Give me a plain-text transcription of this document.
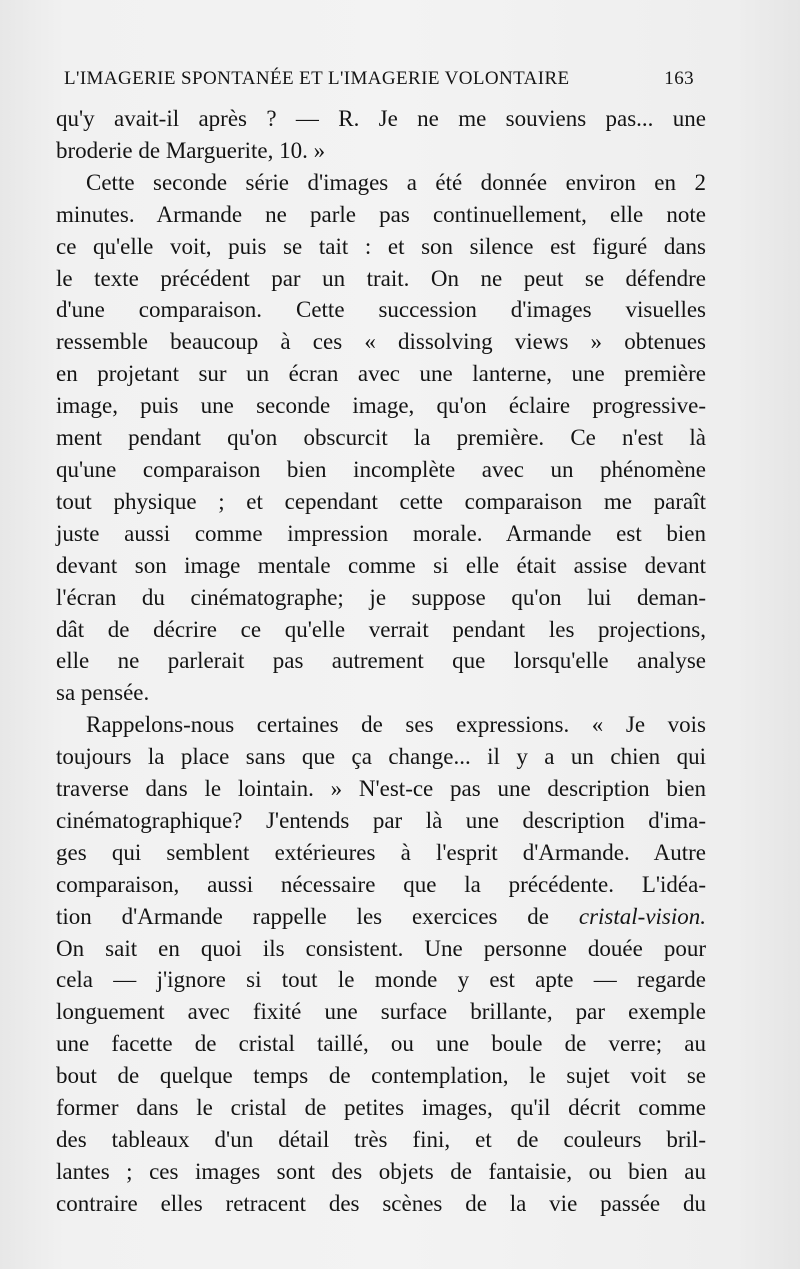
L'IMAGERIE SPONTANÉE ET L'IMAGERIE VOLONTAIRE	163
qu'y avait-il après ? — R. Je ne me souviens pas... une
broderie de Marguerite, 10. »
Cette seconde série d'images a été donnée environ en 2
minutes. Armande ne parle pas continuellement, elle note
ce qu'elle voit, puis se tait : et son silence est figuré dans
le texte précédent par un trait. On ne peut se défendre
d'une comparaison. Cette succession d'images visuelles
ressemble beaucoup à ces « dissolving views » obtenues
en projetant sur un écran avec une lanterne, une première
image, puis une seconde image, qu'on éclaire progressive-
ment pendant qu'on obscurcit la première. Ce n'est là
qu'une comparaison bien incomplète avec un phénomène
tout physique ; et cependant cette comparaison me paraît
juste aussi comme impression morale. Armande est bien
devant son image mentale comme si elle était assise devant
l'écran du cinématographe; je suppose qu'on lui deman-
dât de décrire ce qu'elle verrait pendant les projections,
elle ne parlerait pas autrement que lorsqu'elle analyse
sa pensée.
Rappelons-nous certaines de ses expressions. « Je vois
toujours la place sans que ça change... il y a un chien qui
traverse dans le lointain. » N'est-ce pas une description bien
cinématographique? J'entends par là une description d'ima-
ges qui semblent extérieures à l'esprit d'Armande. Autre
comparaison, aussi nécessaire que la précédente. L'idéa-
tion d'Armande rappelle les exercices de cristal-vision.
On sait en quoi ils consistent. Une personne douée pour
cela — j'ignore si tout le monde y est apte — regarde
longuement avec fixité une surface brillante, par exemple
une facette de cristal taillé, ou une boule de verre; au
bout de quelque temps de contemplation, le sujet voit se
former dans le cristal de petites images, qu'il décrit comme
des tableaux d'un détail très fini, et de couleurs bril-
lantes ; ces images sont des objets de fantaisie, ou bien au
contraire elles retracent des scènes de la vie passée du
